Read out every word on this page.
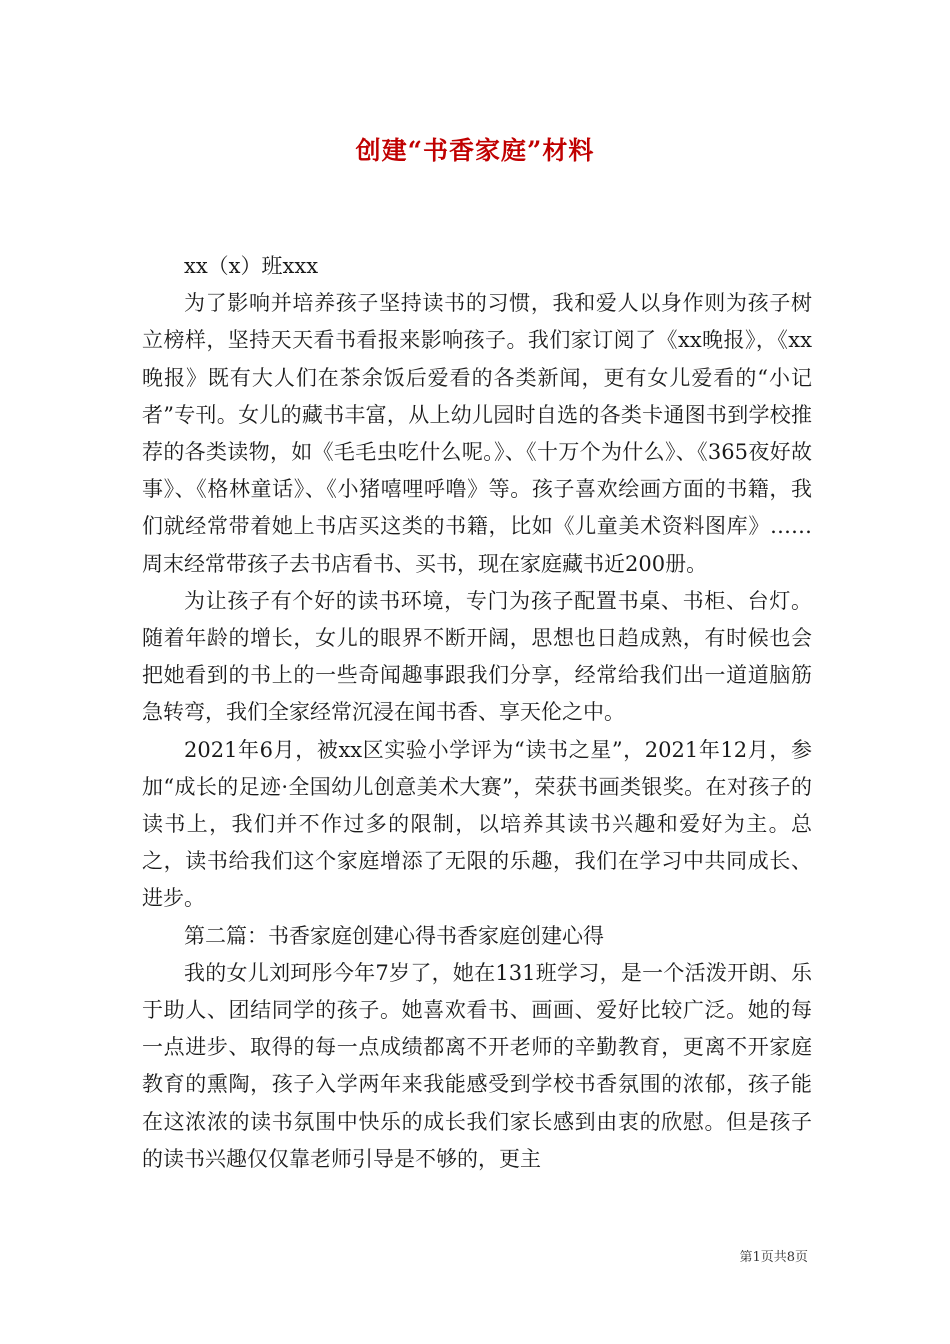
创建“书香家庭”材料

xx（x）班xxx

为了影响并培养孩子坚持读书的习惯，我和爱人以身作则为孩子树立榜样，坚持天天看书看报来影响孩子。我们家订阅了《xx晚报》，《xx晚报》既有大人们在茶余饭后爱看的各类新闻，更有女儿爱看的“小记者”专刊。女儿的藏书丰富，从上幼儿园时自选的各类卡通图书到学校推荐的各类读物，如《毛毛虫吃什么呢。》、《十万个为什么》、《365夜好故事》、《格林童话》、《小猪嘻哩呼噜》等。孩子喜欢绘画方面的书籍，我们就经常带着她上书店买这类的书籍，比如《儿童美术资料图库》……周末经常带孩子去书店看书、买书，现在家庭藏书近200册。

为让孩子有个好的读书环境，专门为孩子配置书桌、书柜、台灯。随着年龄的增长，女儿的眼界不断开阔，思想也日趋成熟，有时候也会把她看到的书上的一些奇闻趣事跟我们分享，经常给我们出一道道脑筋急转弯，我们全家经常沉浸在闻书香、享天伦之中。

2021年6月，被xx区实验小学评为“读书之星”，2021年12月，参加“成长的足迹·全国幼儿创意美术大赛”，荣获书画类银奖。在对孩子的读书上，我们并不作过多的限制，以培养其读书兴趣和爱好为主。总之，读书给我们这个家庭增添了无限的乐趣，我们在学习中共同成长、进步。

第二篇：书香家庭创建心得书香家庭创建心得

我的女儿刘珂彤今年7岁了，她在131班学习，是一个活泼开朗、乐于助人、团结同学的孩子。她喜欢看书、画画、爱好比较广泛。她的每一点进步、取得的每一点成绩都离不开老师的辛勤教育，更离不开家庭教育的熏陶，孩子入学两年来我能感受到学校书香氛围的浓郁，孩子能在这浓浓的读书氛围中快乐的成长我们家长感到由衷的欣慰。但是孩子的读书兴趣仅仅靠老师引导是不够的，更主

第1页共8页
